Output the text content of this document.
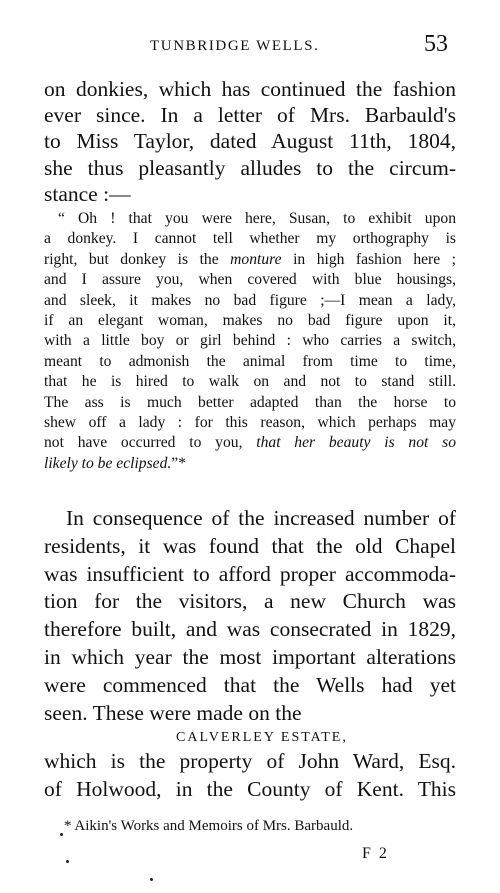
TUNBRIDGE WELLS.	53
on donkies, which has continued the fashion
ever since. In a letter of Mrs. Barbauld's
to Miss Taylor, dated August 11th, 1804,
she thus pleasantly alludes to the circum-
stance :—
“ Oh ! that you were here, Susan, to exhibit upon
a donkey. I cannot tell whether my orthography is
right, but donkey is the monture in high fashion here ;
and I assure you, when covered with blue housings,
and sleek, it makes no bad figure ;—I mean a lady,
if an elegant woman, makes no bad figure upon it,
with a little boy or girl behind : who carries a switch,
meant to admonish the animal from time to time,
that he is hired to walk on and not to stand still.
The ass is much better adapted than the horse to
shew off a lady : for this reason, which perhaps may
not have occurred to you, that her beauty is not so
likely to be eclipsed.”*
In consequence of the increased number of
residents, it was found that the old Chapel
was insufficient to afford proper accommoda-
tion for the visitors, a new Church was
therefore built, and was consecrated in 1829,
in which year the most important alterations
were commenced that the Wells had yet
seen. These were made on the
CALVERLEY ESTATE,
which is the property of John Ward, Esq.
of Holwood, in the County of Kent. This
* Aikin's Works and Memoirs of Mrs. Barbauld.
F 2
